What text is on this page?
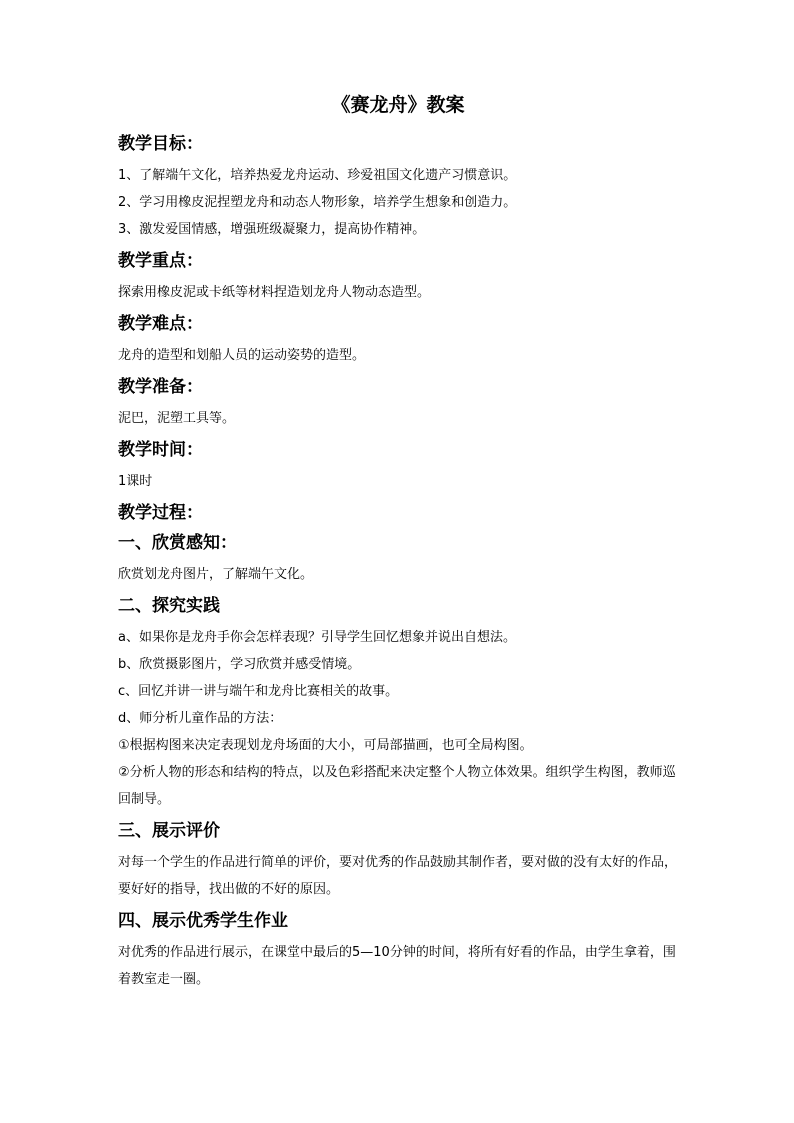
《赛龙舟》教案
教学目标：

1、了解端午文化，培养热爱龙舟运动、珍爱祖国文化遗产习惯意识。

2、学习用橡皮泥捏塑龙舟和动态人物形象，培养学生想象和创造力。

3、激发爱国情感，增强班级凝聚力，提高协作精神。

教学重点：

探索用橡皮泥或卡纸等材料捏造划龙舟人物动态造型。

教学难点：

龙舟的造型和划船人员的运动姿势的造型。

教学准备：

泥巴，泥塑工具等。

教学时间：

1课时

教学过程：
一、欣赏感知：

欣赏划龙舟图片，了解端午文化。

二、探究实践

a、如果你是龙舟手你会怎样表现？引导学生回忆想象并说出自想法。

b、欣赏摄影图片，学习欣赏并感受情境。

c、回忆并讲一讲与端午和龙舟比赛相关的故事。

d、师分析儿童作品的方法：

①根据构图来决定表现划龙舟场面的大小，可局部描画，也可全局构图。

②分析人物的形态和结构的特点，以及色彩搭配来决定整个人物立体效果。组织学生构图，教师巡回制导。

三、展示评价

对每一个学生的作品进行简单的评价，要对优秀的作品鼓励其制作者，要对做的没有太好的作品，要好好的指导，找出做的不好的原因。

四、展示优秀学生作业

对优秀的作品进行展示，在课堂中最后的5—10分钟的时间，将所有好看的作品，由学生拿着，围着教室走一圈。
